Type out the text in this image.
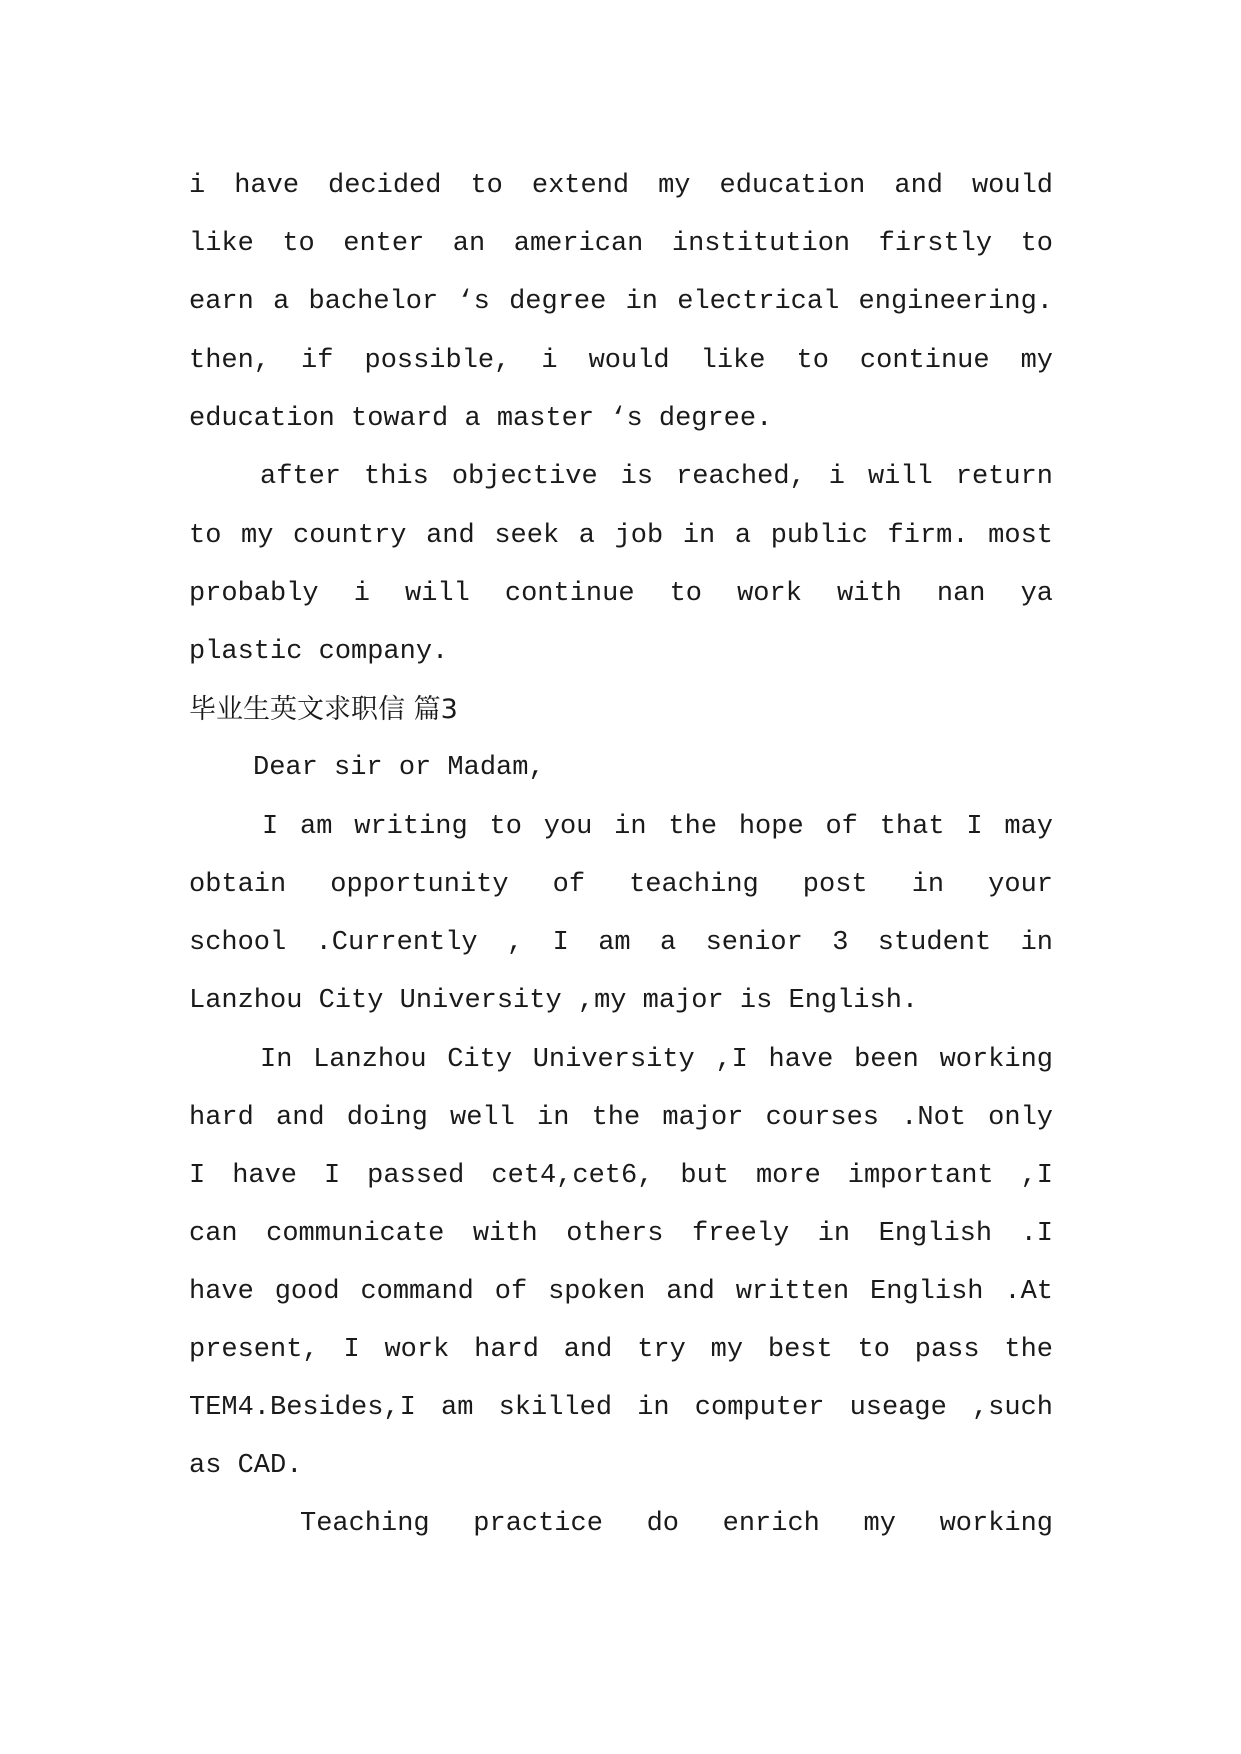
i have decided to extend my education and would
like to enter an american institution firstly to
earn a bachelor ‘s degree in electrical engineering.
then, if possible, i would like to continue my
education toward a master ‘s degree.
after this objective is reached, i will return
to my country and seek a job in a public firm. most
probably i will continue to work with nan ya
plastic company.
毕业生英文求职信 篇3
Dear sir or Madam,
I am writing to you in the hope of that I may
obtain opportunity of teaching post in your
school .Currently , I am a senior 3 student in
Lanzhou City University ,my major is English.
In Lanzhou City University ,I have been working
hard and doing well in the major courses .Not only
I have I passed cet4,cet6, but more important ,I
can communicate with others freely in English .I
have good command of spoken and written English .At
present, I work hard and try my best to pass the
TEM4.Besides,I am skilled in computer useage ,such
as CAD.
Teaching practice do enrich my working
